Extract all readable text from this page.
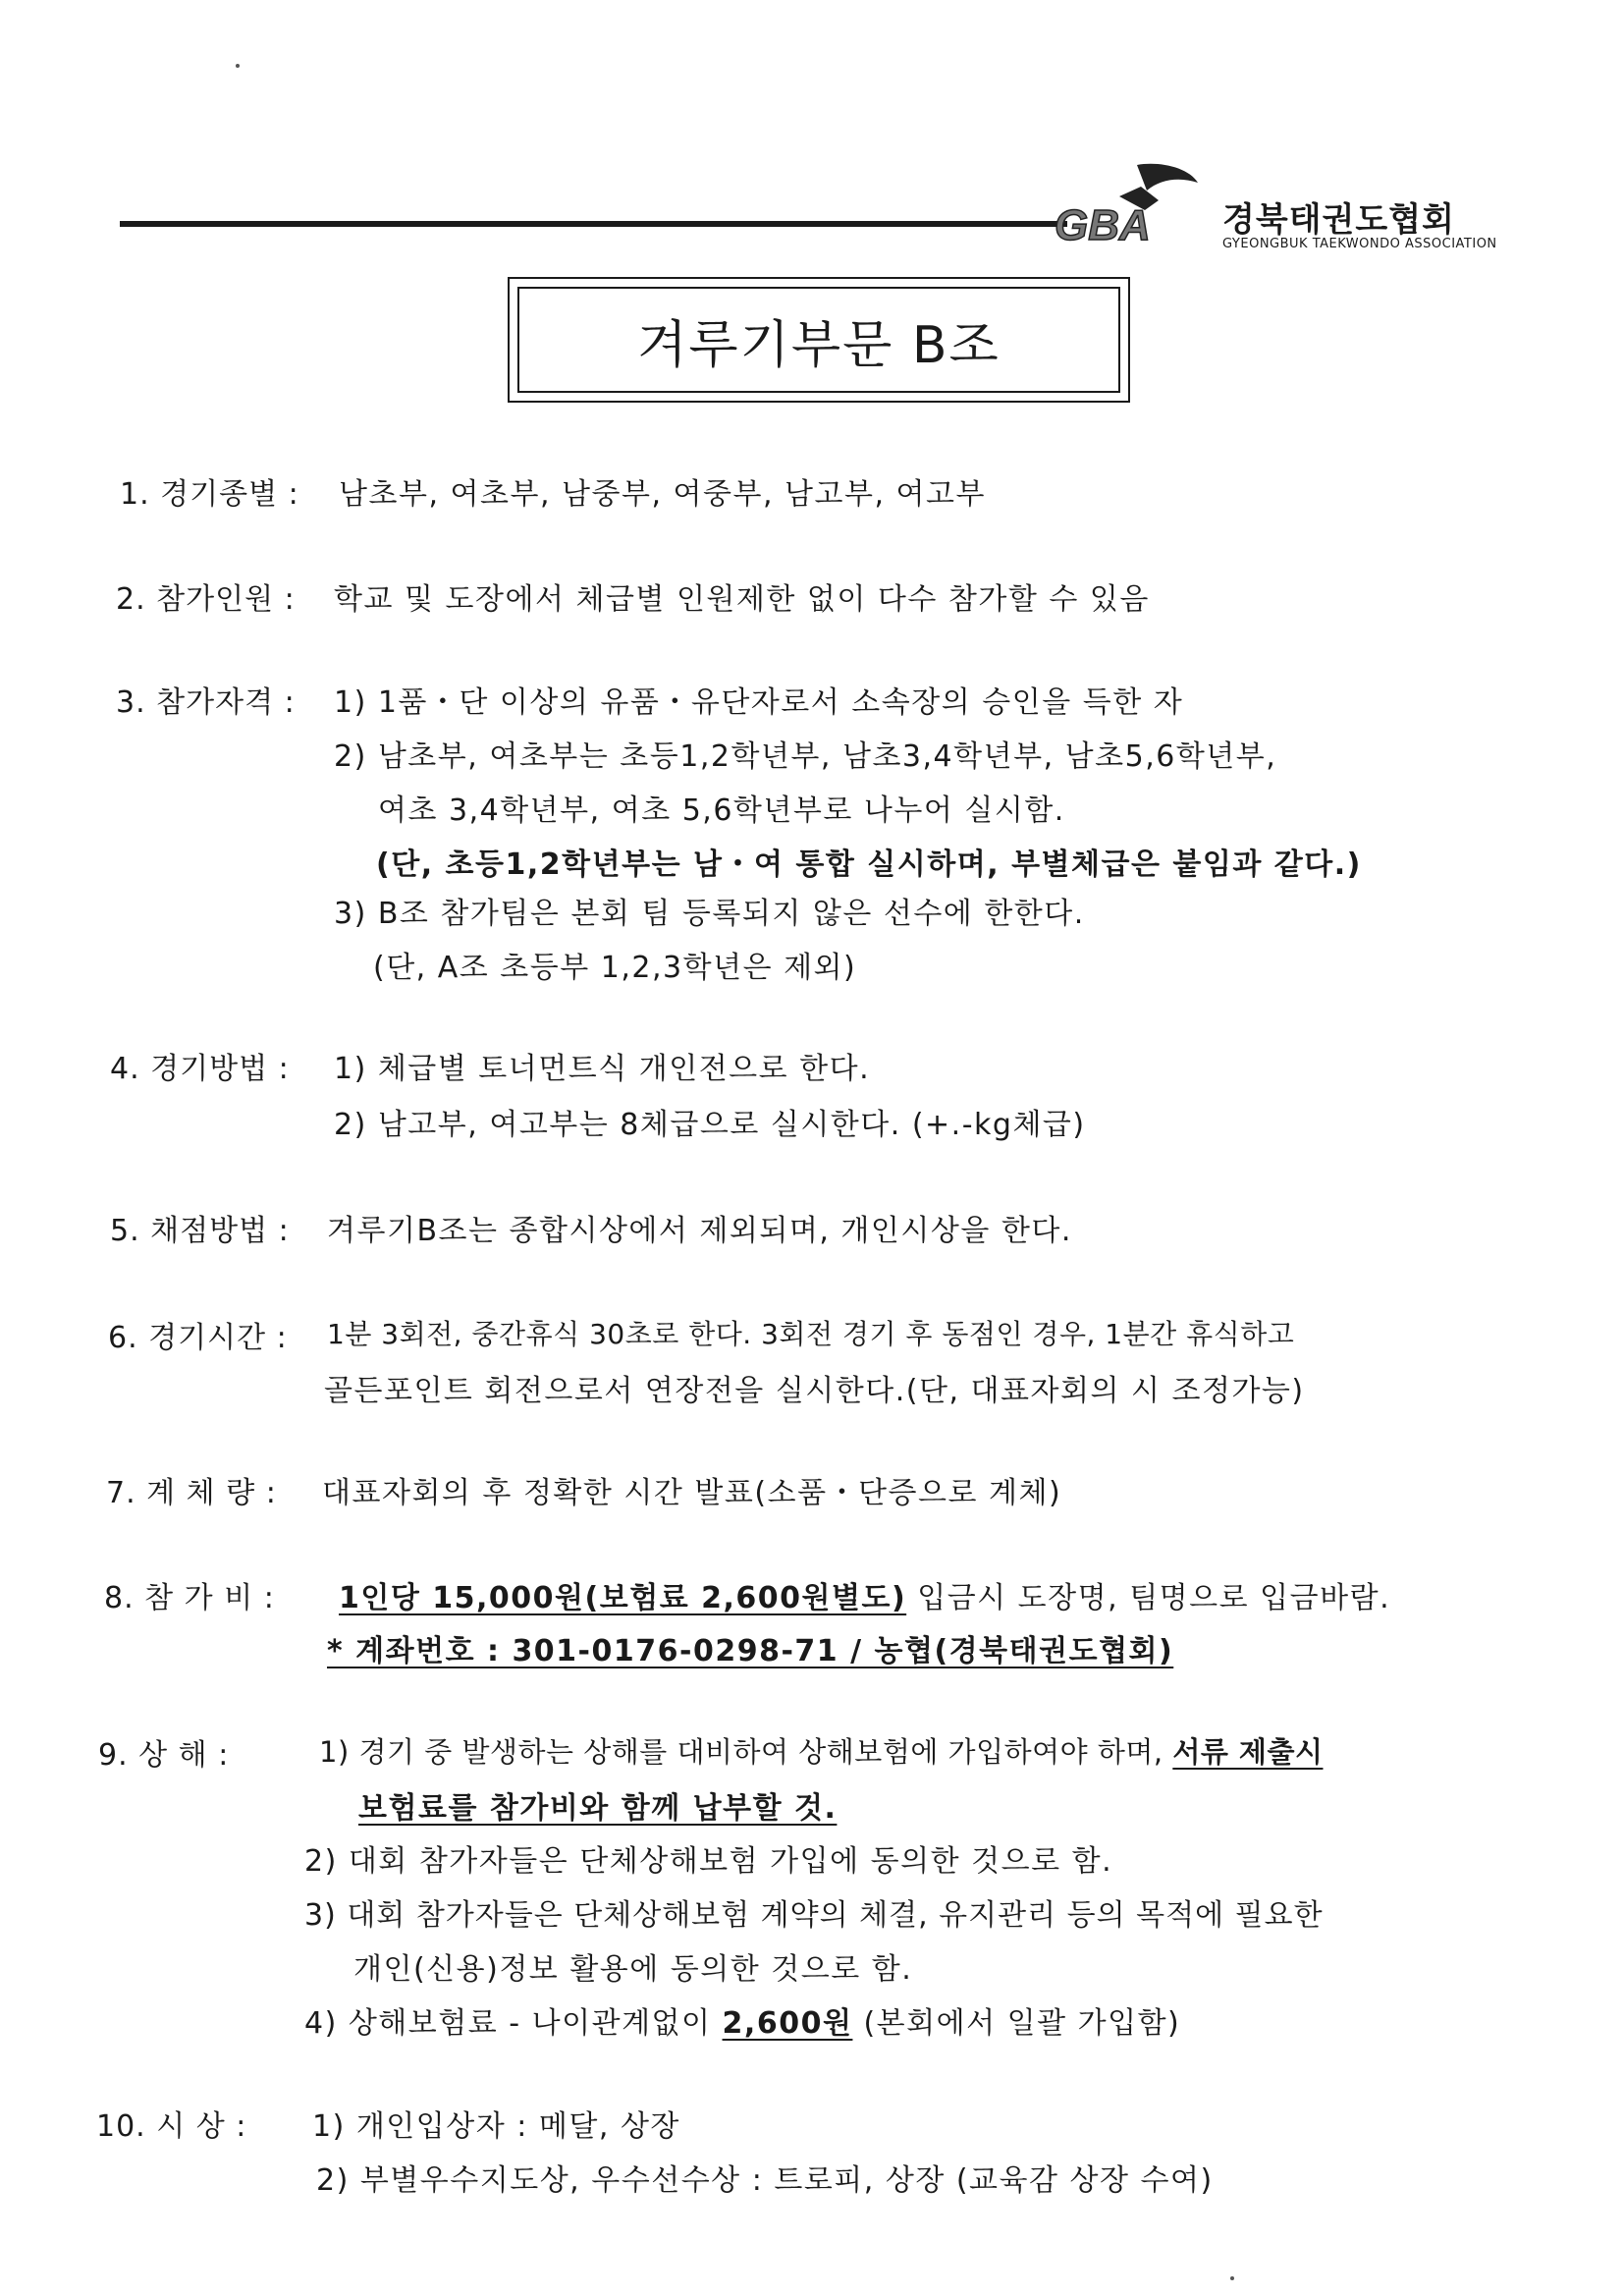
GBA 경북태권도협회
GYEONGBUK TAEKWONDO ASSOCIATION
겨루기부문 B조
1. 경기종별 : 남초부, 여초부, 남중부, 여중부, 남고부, 여고부
2. 참가인원 : 학교 및 도장에서 체급별 인원제한 없이 다수 참가할 수 있음
3. 참가자격 : 1) 1품・단 이상의 유품・유단자로서 소속장의 승인을 득한 자
2) 남초부, 여초부는 초등1,2학년부, 남초3,4학년부, 남초5,6학년부,
여초 3,4학년부, 여초 5,6학년부로 나누어 실시함.
(단, 초등1,2학년부는 남・여 통합 실시하며, 부별체급은 붙임과 같다.)
3) B조 참가팀은 본회 팀 등록되지 않은 선수에 한한다.
(단, A조 초등부 1,2,3학년은 제외)
4. 경기방법 : 1) 체급별 토너먼트식 개인전으로 한다.
2) 남고부, 여고부는 8체급으로 실시한다. (+.-kg체급)
5. 채점방법 : 겨루기B조는 종합시상에서 제외되며, 개인시상을 한다.
6. 경기시간 : 1분 3회전, 중간휴식 30초로 한다. 3회전 경기 후 동점인 경우, 1분간 휴식하고
골든포인트 회전으로서 연장전을 실시한다.(단, 대표자회의 시 조정가능)
7. 계 체 량 : 대표자회의 후 정확한 시간 발표(소품・단증으로 계체)
8. 참 가 비 : 1인당 15,000원(보험료 2,600원별도) 입금시 도장명, 팀명으로 입금바람.
* 계좌번호 : 301-0176-0298-71 / 농협(경북태권도협회)
9. 상 해 :	1) 경기 중 발생하는 상해를 대비하여 상해보험에 가입하여야 하며, 서류 제출시
보험료를 참가비와 함께 납부할 것.
2) 대회 참가자들은 단체상해보험 가입에 동의한 것으로 함.
3) 대회 참가자들은 단체상해보험 계약의 체결, 유지관리 등의 목적에 필요한
개인(신용)정보 활용에 동의한 것으로 함.
4) 상해보험료 - 나이관계없이 2,600원 (본회에서 일괄 가입함)
10. 시 상 : 1) 개인입상자 : 메달, 상장
2) 부별우수지도상, 우수선수상 : 트로피, 상장 (교육감 상장 수여)
